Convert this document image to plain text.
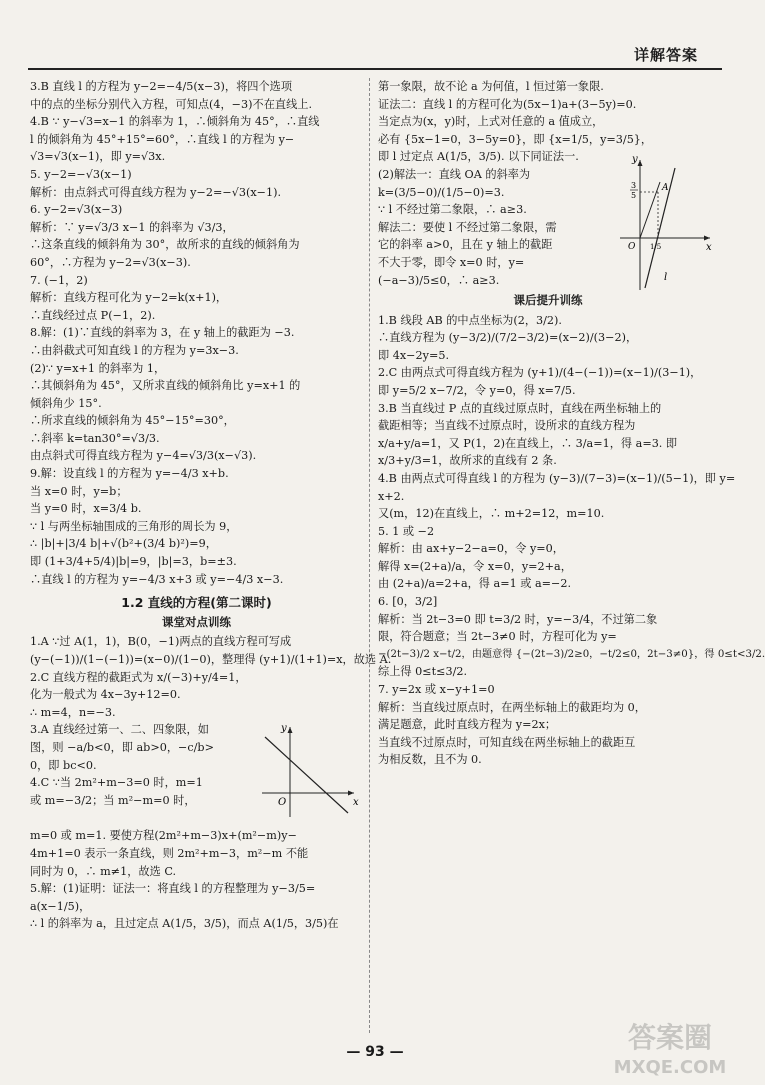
详解答案

3.B 直线 l 的方程为 y−2=−4/5(x−3)，将四个选项

中的点的坐标分别代入方程，可知点(4，−3)不在直线上.

4.B ∵ y−√3=x−1 的斜率为 1，∴倾斜角为 45°，∴直线

l 的倾斜角为 45°+15°=60°，∴直线 l 的方程为 y−

√3=√3(x−1)，即 y=√3x.

5. y−2=−√3(x−1)

解析：由点斜式可得直线方程为 y−2=−√3(x−1).

6. y−2=√3(x−3)

解析：∵ y=√3/3 x−1 的斜率为 √3/3，

∴这条直线的倾斜角为 30°，故所求的直线的倾斜角为

60°，∴方程为 y−2=√3(x−3).

7. (−1，2)

解析：直线方程可化为 y−2=k(x+1)，

∴直线经过点 P(−1，2).

8.解：(1)∵直线的斜率为 3，在 y 轴上的截距为 −3.

∴由斜截式可知直线 l 的方程为 y=3x−3.

(2)∵ y=x+1 的斜率为 1，

∴其倾斜角为 45°，又所求直线的倾斜角比 y=x+1 的

倾斜角少 15°.

∴所求直线的倾斜角为 45°−15°=30°，

∴斜率 k=tan30°=√3/3.

由点斜式可得直线方程为 y−4=√3/3(x−√3).

9.解：设直线 l 的方程为 y=−4/3 x+b.

当 x=0 时，y=b；

当 y=0 时，x=3/4 b.

∵ l 与两坐标轴围成的三角形的周长为 9，

∴ |b|+|3/4 b|+√(b²+(3/4 b)²)=9，

即 (1+3/4+5/4)|b|=9，|b|=3，b=±3.

∴直线 l 的方程为 y=−4/3 x+3 或 y=−4/3 x−3.

1.2 直线的方程(第二课时)
课堂对点训练

1.A ∵过 A(1，1)，B(0，−1)两点的直线方程可写成

(y−(−1))/(1−(−1))=(x−0)/(1−0)，整理得 (y+1)/(1+1)=x，故选 A.

2.C 直线方程的截距式为 x/(−3)+y/4=1，

化为一般式为 4x−3y+12=0.

∴ m=4，n=−3.

3.A 直线经过第一、二、四象限，如

图，则 −a/b<0，即 ab>0，−c/b>

0，即 bc<0.

4.C ∵当 2m²+m−3=0 时，m=1

或 m=−3/2；当 m²−m=0 时，

y
x
O

m=0 或 m=1. 要使方程(2m²+m−3)x+(m²−m)y−

4m+1=0 表示一条直线，则 2m²+m−3，m²−m 不能

同时为 0，∴ m≠1，故选 C.

5.解：(1)证明：证法一：将直线 l 的方程整理为 y−3/5=

a(x−1/5)，

∴ l 的斜率为 a，且过定点 A(1/5，3/5)，而点 A(1/5，3/5)在

第一象限，故不论 a 为何值，l 恒过第一象限.

证法二：直线 l 的方程可化为(5x−1)a+(3−5y)=0.

当定点为(x，y)时，上式对任意的 a 值成立，

必有 {5x−1=0，3−5y=0}，即 {x=1/5，y=3/5}，

即 l 过定点 A(1/5，3/5). 以下同证法一.

(2)解法一：直线 OA 的斜率为

k=(3/5−0)/(1/5−0)=3.

∵ l 不经过第二象限，∴ a≥3.

解法二：要使 l 不经过第二象限，需

它的斜率 a>0，且在 y 轴上的截距

不大于零，即令 x=0 时，y=

(−a−3)/5≤0，∴ a≥3.

y
x
A
O
l
3
5
1/5
课后提升训练

1.B 线段 AB 的中点坐标为(2，3/2).

∴直线方程为 (y−3/2)/(7/2−3/2)=(x−2)/(3−2)，

即 4x−2y=5.

2.C 由两点式可得直线方程为 (y+1)/(4−(−1))=(x−1)/(3−1)，

即 y=5/2 x−7/2，令 y=0，得 x=7/5.

3.B 当直线过 P 点的直线过原点时，直线在两坐标轴上的

截距相等；当直线不过原点时，设所求的直线方程为

x/a+y/a=1，又 P(1，2)在直线上，∴ 3/a=1，得 a=3. 即

x/3+y/3=1，故所求的直线有 2 条.

4.B 由两点式可得直线 l 的方程为 (y−3)/(7−3)=(x−1)/(5−1)，即 y=

x+2.

又(m，12)在直线上，∴ m+2=12，m=10.

5. 1 或 −2

解析：由 ax+y−2−a=0，令 y=0，

解得 x=(2+a)/a，令 x=0，y=2+a，

由 (2+a)/a=2+a，得 a=1 或 a=−2.

6. [0，3/2]

解析：当 2t−3=0 即 t=3/2 时，y=−3/4，不过第二象

限，符合题意；当 2t−3≠0 时，方程可化为 y=

−(2t−3)/2 x−t/2，由题意得 {−(2t−3)/2≥0，−t/2≤0，2t−3≠0}，得 0≤t<3/2.

综上得 0≤t≤3/2.

7. y=2x 或 x−y+1=0

解析：当直线过原点时，在两坐标轴上的截距均为 0，

满足题意，此时直线方程为 y=2x；

当直线不过原点时，可知直线在两坐标轴上的截距互

为相反数，且不为 0.

— 93 —	答案圈
MXQE.COM
